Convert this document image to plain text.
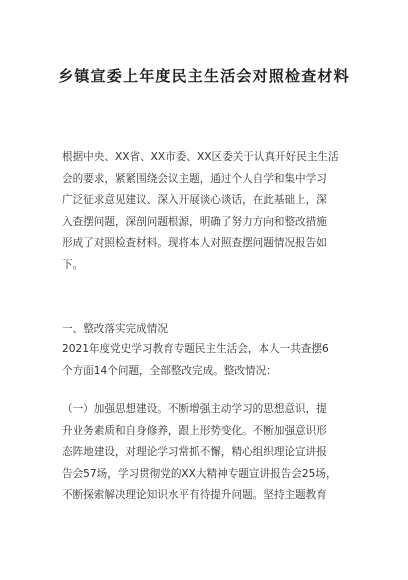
乡镇宣委上年度民主生活会对照检查材料
根据中央、XX省、XX市委、XX区委关于认真开好民主生活
会的要求，紧紧围绕会议主题，通过个人自学和集中学习
广泛征求意见建议、深入开展谈心谈话，在此基础上，深
入查摆问题，深剖问题根源，明确了努力方向和整改措施
形成了对照检查材料。现将本人对照查摆问题情况报告如
下。
一、整改落实完成情况
2021年度党史学习教育专题民主生活会，本人一共查摆6
个方面14个问题，全部整改完成。整改情况：
（一）加强思想建设。不断增强主动学习的思想意识，提
升业务素质和自身修养，跟上形势变化。不断加强意识形
态阵地建设，对理论学习常抓不懈，精心组织理论宣讲报
告会57场，学习贯彻党的XX大精神专题宣讲报告会25场，
不断探索解决理论知识水平有待提升问题。坚持主题教育
